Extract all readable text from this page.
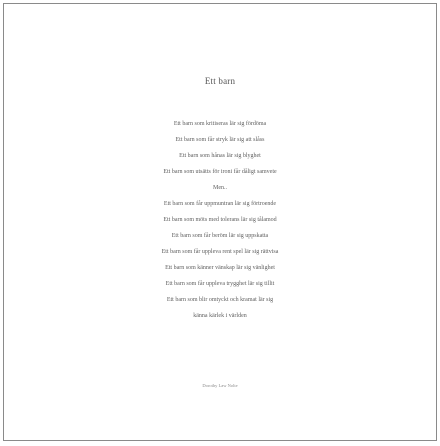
Ett barn
Ett barn som kritiseras lär sig fördöma
Ett barn som får stryk lär sig att slåss
Ett barn som hånas lär sig blyghet
Ett barn som utsätts för ironi får dåligt samvete
Men..
Ett barn som får uppmuntran lär sig förtroende
Ett barn som möts med tolerans lär sig tålamod
Ett barn som får beröm lär sig uppskatta
Ett barn som får uppleva rent spel lär sig rättvisa
Ett barn som känner vänskap lär sig vänlighet
Ett barn som får uppleva trygghet lär sig tillit
Ett barn som blir omtyckt och kramat lär sig
känna kärlek i världen
Dorothy Law Nolte
